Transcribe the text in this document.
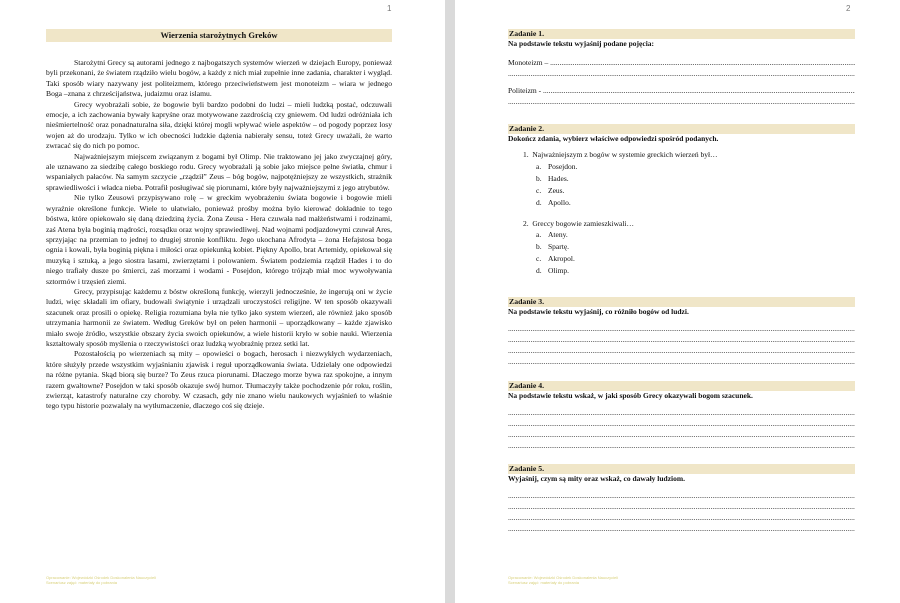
1
Wierzenia starożytnych Greków

Starożytni Grecy są autorami jednego z najbogatszych systemów wierzeń w dziejach Europy, ponieważ byli przekonani, że światem rządziło wielu bogów, a każdy z nich miał zupełnie inne zadania, charakter i wygląd. Taki sposób wiary nazywany jest politeizmem, którego przeciwieństwem jest monoteizm – wiara w jednego Boga –znana z chrześcijaństwa, judaizmu oraz islamu.

Grecy wyobrażali sobie, że bogowie byli bardzo podobni do ludzi – mieli ludzką postać, odczuwali emocje, a ich zachowania bywały kapryśne oraz motywowane zazdrością czy gniewem. Od ludzi odróżniała ich nieśmiertelność oraz ponadnaturalna siła, dzięki której mogli wpływać wiele aspektów – od pogody poprzez losy wojen aż do urodzaju. Tylko w ich obecności ludzkie dążenia nabierały sensu, toteż Grecy uważali, że warto zwracać się do nich po pomoc.

Najważniejszym miejscem związanym z bogami był Olimp. Nie traktowano jej jako zwyczajnej góry, ale uznawano za siedzibę całego boskiego rodu. Grecy wyobrażali ją sobie jako miejsce pełne światła, chmur i wspaniałych pałaców. Na samym szczycie „rządził” Zeus – bóg bogów, najpotężniejszy ze wszystkich, strażnik sprawiedliwości i władca nieba. Potrafił posługiwać się piorunami, które były najważniejszymi z jego atrybutów.

Nie tylko Zeusowi przypisywano rolę – w greckim wyobrażeniu świata bogowie i bogowie mieli wyraźnie określone funkcje. Wiele to ułatwiało, ponieważ prośby można było kierować dokładnie to tego bóstwa, które opiekowało się daną dziedziną życia. Żona Zeusa - Hera czuwała nad małżeństwami i rodzinami, zaś Atena była boginią mądrości, rozsądku oraz wojny sprawiedliwej. Nad wojnami podjazdowymi czuwał Ares, sprzyjając na przemian to jednej to drugiej stronie konfliktu. Jego ukochana Afrodyta – żona Hefajstosa boga ognia i kowali, była boginią piękna i miłości oraz opiekunką kobiet. Piękny Apollo, brat Artemidy, opiekował się muzyką i sztuką, a jego siostra lasami, zwierzętami i polowaniem. Światem podziemia rządził Hades i to do niego trafiały dusze po śmierci, zaś morzami i wodami - Posejdon, którego trójząb miał moc wywoływania sztormów i trzęsień ziemi.

Grecy, przypisując każdemu z bóstw określoną funkcję, wierzyli jednocześnie, że ingerują oni w życie ludzi, więc składali im ofiary, budowali świątynie i urządzali uroczystości religijne. W ten sposób okazywali szacunek oraz prosili o opiekę. Religia rozumiana była nie tylko jako system wierzeń, ale również jako sposób utrzymania harmonii ze światem. Według Greków był on pełen harmonii – uporządkowany – każde zjawisko miało swoje źródło, wszystkie obszary życia swoich opiekunów, a wiele historii kryło w sobie nauki. Wierzenia kształtowały sposób myślenia o rzeczywistości oraz ludzką wyobraźnię przez setki lat.

Pozostałością po wierzeniach są mity – opowieści o bogach, herosach i niezwykłych wydarzeniach, które służyły przede wszystkim wyjaśnianiu zjawisk i reguł uporządkowania świata. Udzielały one odpowiedzi na różne pytania. Skąd biorą się burze? To Zeus rzuca piorunami. Dlaczego morze bywa raz spokojne, a innym razem gwałtowne? Posejdon w taki sposób okazuje swój humor. Tłumaczyły także pochodzenie pór roku, roślin, zwierząt, katastrofy naturalne czy choroby. W czasach, gdy nie znano wielu naukowych wyjaśnień to właśnie tego typu historie pozwalały na wytłumaczenie, dlaczego coś się dzieje.

Opracowanie: Wojewódzki Ośrodek Doskonalenia Nauczycieli
Scenariusz zajęć: materiały do pobrania
2
Zadanie 1.
Na podstawie tekstu wyjaśnij podane pojęcia:
Monoteizm – .....
.....
Politeizm - .....
.....
Zadanie 2.
Dokończ zdania, wybierz właściwe odpowiedzi spośród podanych.
1. Najważniejszym z bogów w systemie greckich wierzeń był…
a. Posejdon.
b. Hades.
c. Zeus.
d. Apollo.
2. Greccy bogowie zamieszkiwali…
a. Ateny.
b. Spartę.
c. Akropol.
d. Olimp.
Zadanie 3.
Na podstawie tekstu wyjaśnij, co różniło bogów od ludzi.
.....
.....
.....
.....
Zadanie 4.
Na podstawie tekstu wskaż, w jaki sposób Grecy okazywali bogom szacunek.
.....
.....
.....
.....
Zadanie 5.
Wyjaśnij, czym są mity oraz wskaż, co dawały ludziom.
.....
.....
.....
.....
Opracowanie: Wojewódzki Ośrodek Doskonalenia Nauczycieli
Scenariusz zajęć: materiały do pobrania
